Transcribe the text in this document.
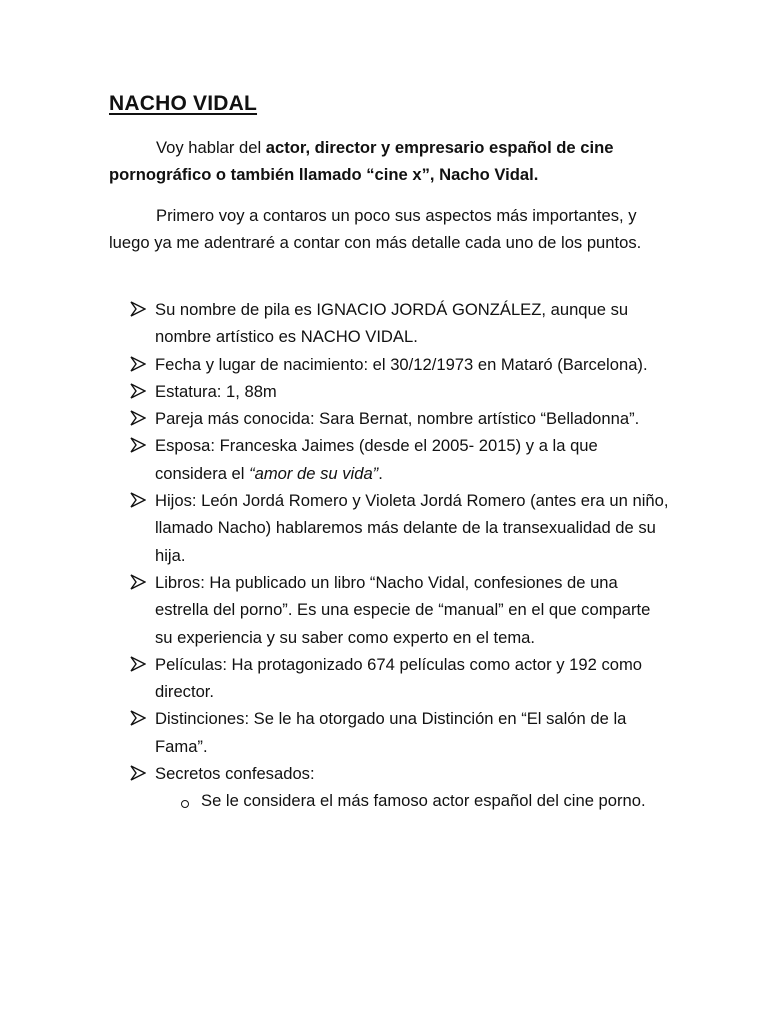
NACHO VIDAL

Voy hablar del actor, director y empresario español de cine pornográfico o también llamado “cine x”, Nacho Vidal.

Primero voy a contaros un poco sus aspectos más importantes, y luego ya me adentraré a contar con más detalle cada uno de los puntos.

Su nombre de pila es IGNACIO JORDÁ GONZÁLEZ, aunque su nombre artístico es NACHO VIDAL.
Fecha y lugar de nacimiento: el 30/12/1973 en Mataró (Barcelona).
Estatura: 1, 88m
Pareja más conocida: Sara Bernat, nombre artístico “Belladonna”.
Esposa: Franceska Jaimes (desde el 2005- 2015) y a la que considera el “amor de su vida”.
Hijos: León Jordá Romero y Violeta Jordá Romero (antes era un niño, llamado Nacho) hablaremos más delante de la transexualidad de su hija.
Libros: Ha publicado un libro “Nacho Vidal, confesiones de una estrella del porno”. Es una especie de “manual” en el que comparte su experiencia y su saber como experto en el tema.
Películas: Ha protagonizado 674 películas como actor y 192 como director.
Distinciones: Se le ha otorgado una Distinción en “El salón de la Fama”.
Secretos confesados:
Se le considera el más famoso actor español del cine porno.
